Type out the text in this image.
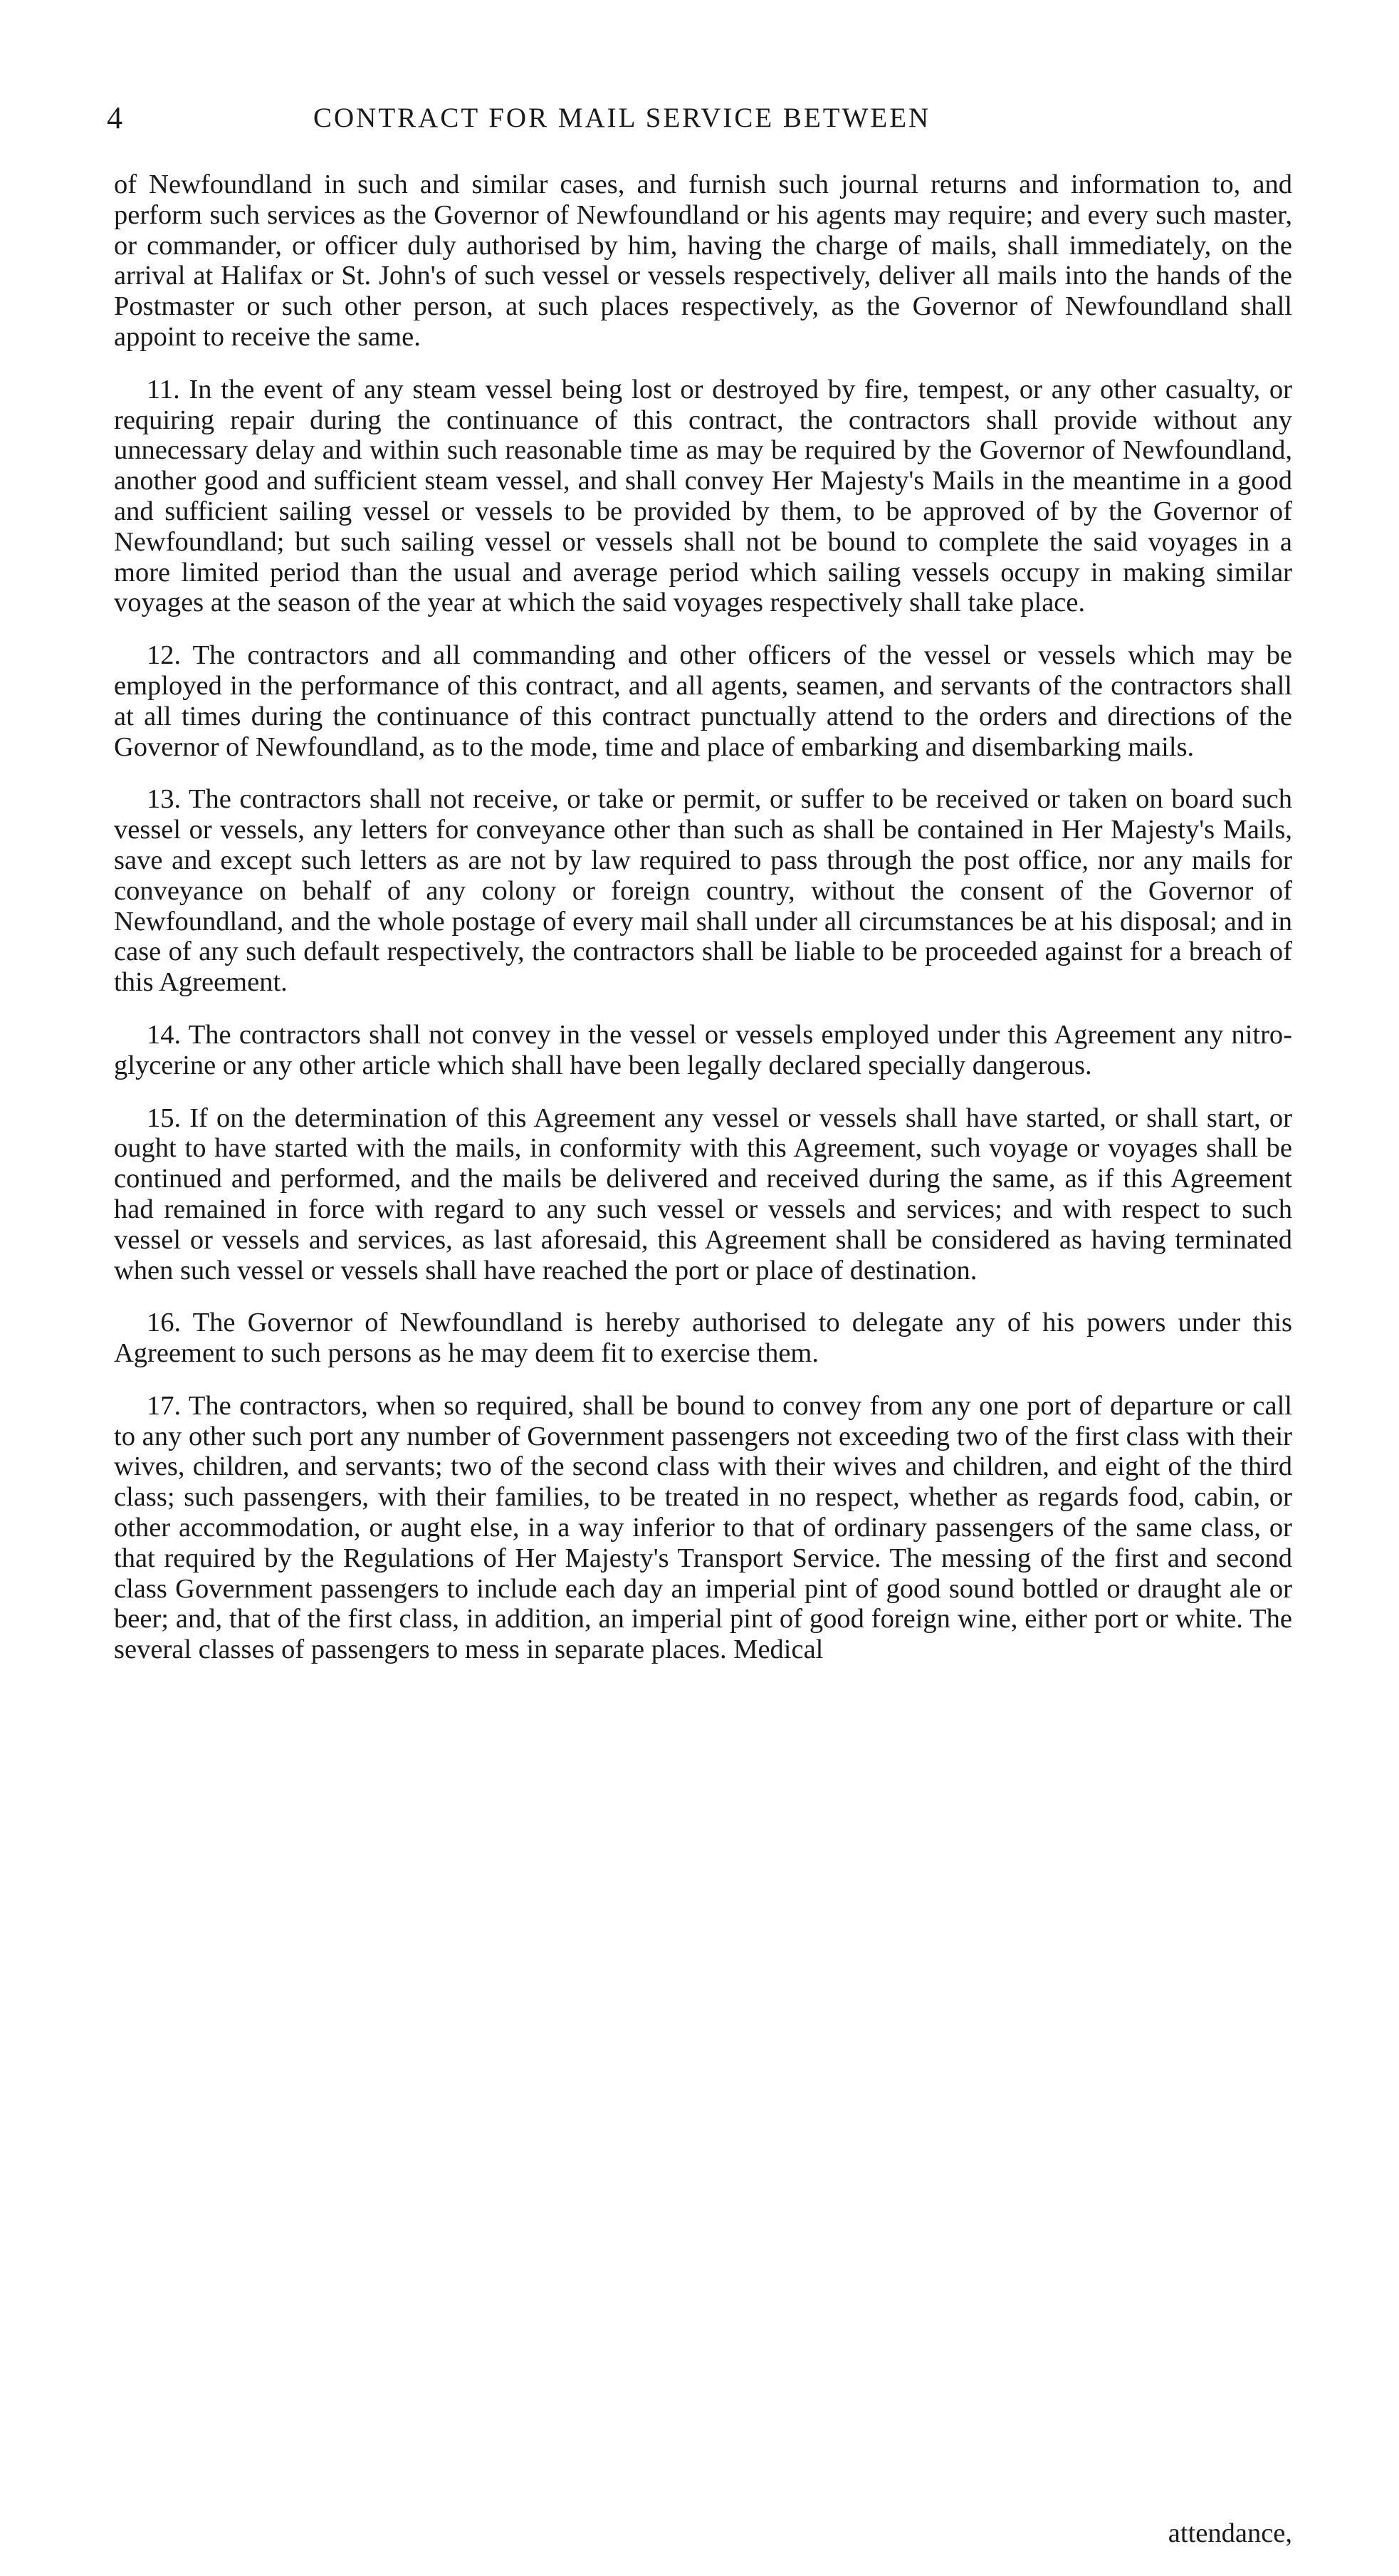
4	CONTRACT FOR MAIL SERVICE BETWEEN

of Newfoundland in such and similar cases, and furnish such journal returns and information to, and perform such services as the Governor of Newfoundland or his agents may require; and every such master, or commander, or officer duly authorised by him, having the charge of mails, shall immediately, on the arrival at Halifax or St. John's of such vessel or vessels respectively, deliver all mails into the hands of the Postmaster or such other person, at such places respectively, as the Governor of Newfoundland shall appoint to receive the same.

11. In the event of any steam vessel being lost or destroyed by fire, tempest, or any other casualty, or requiring repair during the continuance of this contract, the contractors shall provide without any unnecessary delay and within such reasonable time as may be required by the Governor of Newfoundland, another good and sufficient steam vessel, and shall convey Her Majesty's Mails in the meantime in a good and sufficient sailing vessel or vessels to be provided by them, to be approved of by the Governor of Newfoundland; but such sailing vessel or vessels shall not be bound to complete the said voyages in a more limited period than the usual and average period which sailing vessels occupy in making similar voyages at the season of the year at which the said voyages respectively shall take place.

12. The contractors and all commanding and other officers of the vessel or vessels which may be employed in the performance of this contract, and all agents, seamen, and servants of the contractors shall at all times during the continuance of this contract punctually attend to the orders and directions of the Governor of Newfoundland, as to the mode, time and place of embarking and disembarking mails.

13. The contractors shall not receive, or take or permit, or suffer to be received or taken on board such vessel or vessels, any letters for conveyance other than such as shall be contained in Her Majesty's Mails, save and except such letters as are not by law required to pass through the post office, nor any mails for conveyance on behalf of any colony or foreign country, without the consent of the Governor of Newfoundland, and the whole postage of every mail shall under all circumstances be at his disposal; and in case of any such default respectively, the contractors shall be liable to be proceeded against for a breach of this Agreement.

14. The contractors shall not convey in the vessel or vessels employed under this Agreement any nitro-glycerine or any other article which shall have been legally declared specially dangerous.

15. If on the determination of this Agreement any vessel or vessels shall have started, or shall start, or ought to have started with the mails, in conformity with this Agreement, such voyage or voyages shall be continued and performed, and the mails be delivered and received during the same, as if this Agreement had remained in force with regard to any such vessel or vessels and services; and with respect to such vessel or vessels and services, as last aforesaid, this Agreement shall be considered as having terminated when such vessel or vessels shall have reached the port or place of destination.

16. The Governor of Newfoundland is hereby authorised to delegate any of his powers under this Agreement to such persons as he may deem fit to exercise them.

17. The contractors, when so required, shall be bound to convey from any one port of departure or call to any other such port any number of Government passengers not exceeding two of the first class with their wives, children, and servants; two of the second class with their wives and children, and eight of the third class; such passengers, with their families, to be treated in no respect, whether as regards food, cabin, or other accommodation, or aught else, in a way inferior to that of ordinary passengers of the same class, or that required by the Regulations of Her Majesty's Transport Service. The messing of the first and second class Government passengers to include each day an imperial pint of good sound bottled or draught ale or beer; and, that of the first class, in addition, an imperial pint of good foreign wine, either port or white. The several classes of passengers to mess in separate places. Medical

attendance,
